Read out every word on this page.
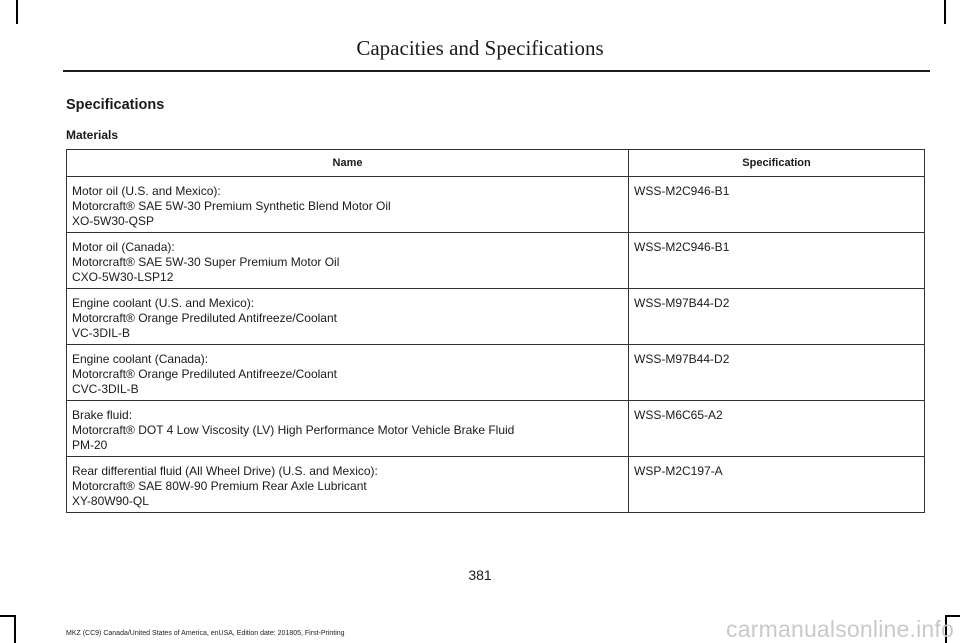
Capacities and Specifications
Specifications
Materials
Name	Specification

Motor oil (U.S. and Mexico):
Motorcraft® SAE 5W-30 Premium Synthetic Blend Motor Oil
XO-5W30-QSP	WSS-M2C946-B1

Motor oil (Canada):
Motorcraft® SAE 5W-30 Super Premium Motor Oil
CXO-5W30-LSP12	WSS-M2C946-B1

Engine coolant (U.S. and Mexico):
Motorcraft® Orange Prediluted Antifreeze/Coolant
VC-3DIL-B	WSS-M97B44-D2

Engine coolant (Canada):
Motorcraft® Orange Prediluted Antifreeze/Coolant
CVC-3DIL-B	WSS-M97B44-D2

Brake fluid:
Motorcraft® DOT 4 Low Viscosity (LV) High Performance Motor Vehicle Brake Fluid
PM-20	WSS-M6C65-A2

Rear differential fluid (All Wheel Drive) (U.S. and Mexico):
Motorcraft® SAE 80W-90 Premium Rear Axle Lubricant
XY-80W90-QL	WSP-M2C197-A
381
MKZ (CC9) Canada/United States of America, enUSA, Edition date: 201805, First-Printing	carmanualsonline.info
